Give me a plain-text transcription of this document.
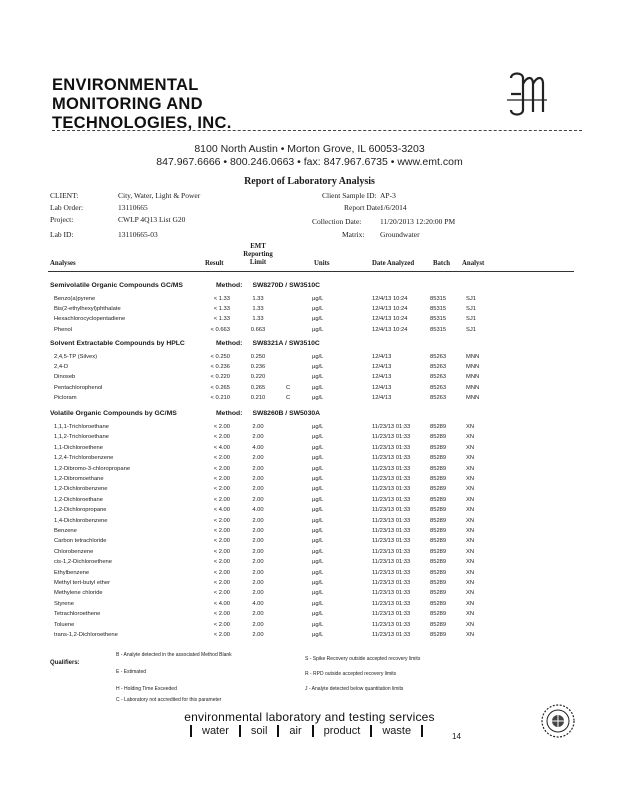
ENVIRONMENTAL
MONITORING AND
TECHNOLOGIES, INC.
8100 North Austin • Morton Grove, IL 60053-3203
847.967.6666 • 800.246.0663 • fax: 847.967.6735 • www.emt.com
Report of Laboratory Analysis
CLIENT:	City, Water, Light & Power
Lab Order:	13110665
Project:	CWLP 4Q13 List G20
Lab ID:	13110665-03
Client Sample ID: AP-3
Report Date:
1/6/2014
Collection Date: 11/20/2013 12:20:00 PM
Matrix: Groundwater
Analyses	Result
EMT
Reporting
Limit	Units	Date Analyzed	Batch Analyst
Semivolatile Organic Compounds GC/MS	Method: SW8270D / SW3510C
Benzo(a)pyrene	< 1.33	1.33	µg/L	12/4/13 10:24	85315	SJ1
Bis(2-ethylhexyl)phthalate	< 1.33	1.33	µg/L	12/4/13 10:24	85315	SJ1
Hexachlorocyclopentadiene	< 1.33	1.33	µg/L	12/4/13 10:24	85315	SJ1
Phenol	< 0.663	0.663	µg/L	12/4/13 10:24	85315	SJ1
Solvent Extractable Compounds by HPLC	Method: SW8321A / SW3510C
2,4,5-TP (Silvex)	< 0.250	0.250	µg/L	12/4/13	85263	MNN
2,4-D	< 0.236	0.236	µg/L	12/4/13	85263	MNN
Dinoseb	< 0.220	0.220	µg/L	12/4/13	85263	MNN
Pentachlorophenol	< 0.265	0.265	C	µg/L	12/4/13	85263	MNN
Picloram	< 0.210	0.210	C	µg/L	12/4/13	85263	MNN
Volatile Organic Compounds by GC/MS	Method: SW8260B / SW5030A
1,1,1-Trichloroethane	< 2.00	2.00	µg/L	11/23/13 01:33	85289	XN
1,1,2-Trichloroethane	< 2.00	2.00	µg/L	11/23/13 01:33	85289	XN
1,1-Dichloroethene	< 4.00	4.00	µg/L	11/23/13 01:33	85289	XN
1,2,4-Trichlorobenzene	< 2.00	2.00	µg/L	11/23/13 01:33	85289	XN
1,2-Dibromo-3-chloropropane	< 2.00	2.00	µg/L	11/23/13 01:33	85289	XN
1,2-Dibromoethane	< 2.00	2.00	µg/L	11/23/13 01:33	85289	XN
1,2-Dichlorobenzene	< 2.00	2.00	µg/L	11/23/13 01:33	85289	XN
1,2-Dichloroethane	< 2.00	2.00	µg/L	11/23/13 01:33	85289	XN
1,2-Dichloropropane	< 4.00	4.00	µg/L	11/23/13 01:33	85289	XN
1,4-Dichlorobenzene	< 2.00	2.00	µg/L	11/23/13 01:33	85289	XN
Benzene	< 2.00	2.00	µg/L	11/23/13 01:33	85289	XN
Carbon tetrachloride	< 2.00	2.00	µg/L	11/23/13 01:33	85289	XN
Chlorobenzene	< 2.00	2.00	µg/L	11/23/13 01:33	85289	XN
cis-1,2-Dichloroethene	< 2.00	2.00	µg/L	11/23/13 01:33	85289	XN
Ethylbenzene	< 2.00	2.00	µg/L	11/23/13 01:33	85289	XN
Methyl tert-butyl ether	< 2.00	2.00	µg/L	11/23/13 01:33	85289	XN
Methylene chloride	< 2.00	2.00	µg/L	11/23/13 01:33	85289	XN
Styrene	< 4.00	4.00	µg/L	11/23/13 01:33	85289	XN
Tetrachloroethene	< 2.00	2.00	µg/L	11/23/13 01:33	85289	XN
Toluene	< 2.00	2.00	µg/L	11/23/13 01:33	85289	XN
trans-1,2-Dichloroethene	< 2.00	2.00	µg/L	11/23/13 01:33	85289	XN
Qualifiers:
B - Analyte detected in the associated Method Blank
E - Estimated
H - Holding Time Exceeded
C - Laboratory not accredited for this parameter
S - Spike Recovery outside accepted recovery limits
R - RPD outside accepted recovery limits
J - Analyte detected below quantitation limits
environmental laboratory and testing services
water soil air product waste	14
